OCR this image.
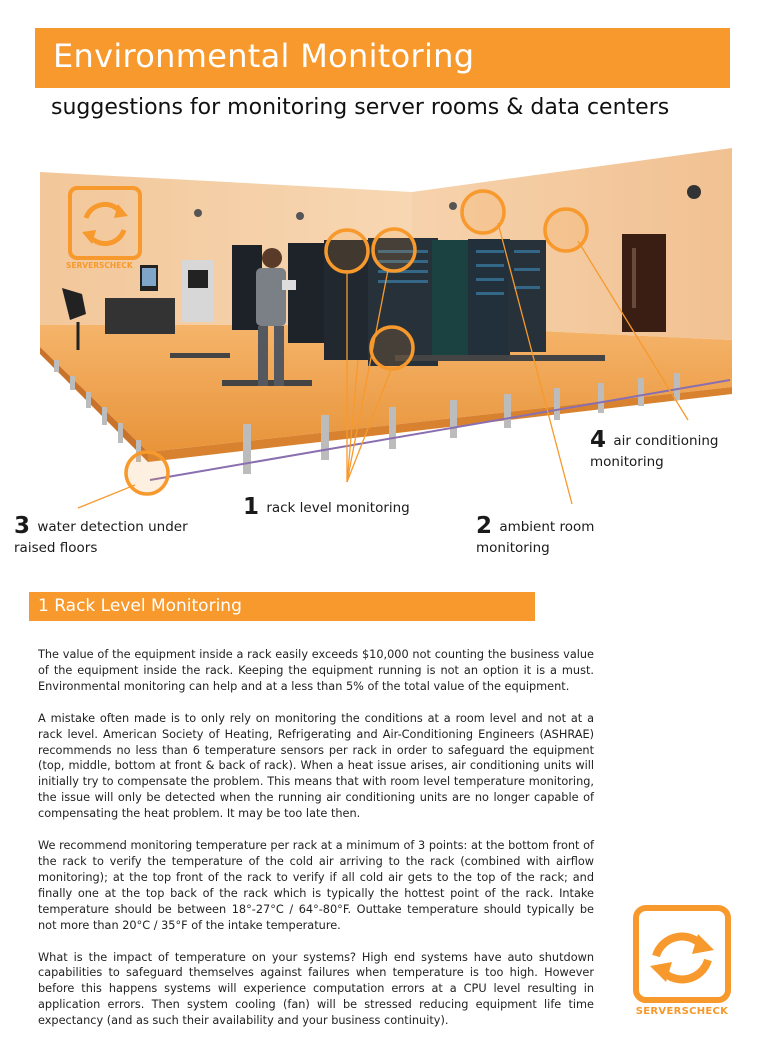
Environmental Monitoring
suggestions for monitoring server rooms & data centers
SERVERSCHECK
1 rack level monitoring
2 ambient room
monitoring
3 water detection under
raised floors
4 air conditioning
monitoring
1 Rack Level Monitoring

The value of the equipment inside a rack easily exceeds $10,000 not counting the business value of the equipment inside the rack. Keeping the equipment running is not an option it is a must. Environmental monitoring can help and at a less than 5% of the total value of the equipment.

A mistake often made is to only rely on monitoring the conditions at a room level and not at a rack level. American Society of Heating, Refrigerating and Air-Conditioning Engineers (ASHRAE) recommends no less than 6 temperature sensors per rack in order to safeguard the equipment (top, middle, bottom at front & back of rack). When a heat issue arises, air conditioning units will initially try to compensate the problem. This means that with room level temperature monitoring, the issue will only be detected when the running air conditioning units are no longer capable of compensating the heat problem. It may be too late then.

We recommend monitoring temperature per rack at a minimum of 3 points: at the bottom front of the rack to verify the temperature of the cold air arriving to the rack (combined with airflow monitoring); at the top front of the rack to verify if all cold air gets to the top of the rack; and finally one at the top back of the rack which is typically the hottest point of the rack. Intake temperature should be between 18°-27°C / 64°-80°F. Outtake temperature should typically be not more than 20°C / 35°F of the intake temperature.

What is the impact of temperature on your systems? High end systems have auto shutdown capabilities to safeguard themselves against failures when temperature is too high. However before this happens systems will experience computation errors at a CPU level resulting in application errors. Then system cooling (fan) will be stressed reducing equipment life time expectancy (and as such their availability and your business continuity).

SERVERSCHECK
